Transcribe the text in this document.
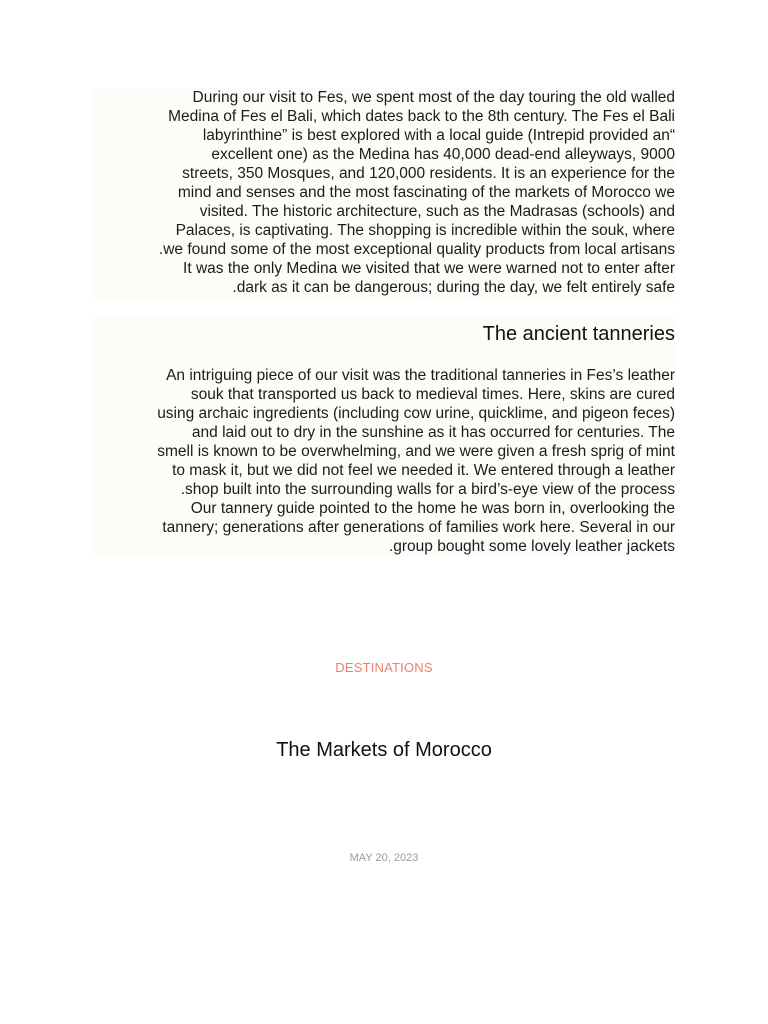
During our visit to Fes, we spent most of the day touring the old walled
Medina of Fes el Bali, which dates back to the 8th century. The Fes el Bali
“labyrinthine” is best explored with a local guide (Intrepid provided an
excellent one) as the Medina has 40,000 dead-end alleyways, 9000
streets, 350 Mosques, and 120,000 residents. It is an experience for the
mind and senses and the most fascinating of the markets of Morocco we
visited. The historic architecture, such as the Madrasas (schools) and
Palaces, is captivating. The shopping is incredible within the souk, where
we found some of the most exceptional quality products from local artisans.
It was the only Medina we visited that we were warned not to enter after
dark as it can be dangerous; during the day, we felt entirely safe.

The ancient tanneries

An intriguing piece of our visit was the traditional tanneries in Fes’s leather
souk that transported us back to medieval times. Here, skins are cured
using archaic ingredients (including cow urine, quicklime, and pigeon feces)
and laid out to dry in the sunshine as it has occurred for centuries. The
smell is known to be overwhelming, and we were given a fresh sprig of mint
to mask it, but we did not feel we needed it. We entered through a leather
shop built into the surrounding walls for a bird’s-eye view of the process.
Our tannery guide pointed to the home he was born in, overlooking the
tannery; generations after generations of families work here. Several in our
group bought some lovely leather jackets.

DESTINATIONS
The Markets of Morocco
MAY 20, 2023
